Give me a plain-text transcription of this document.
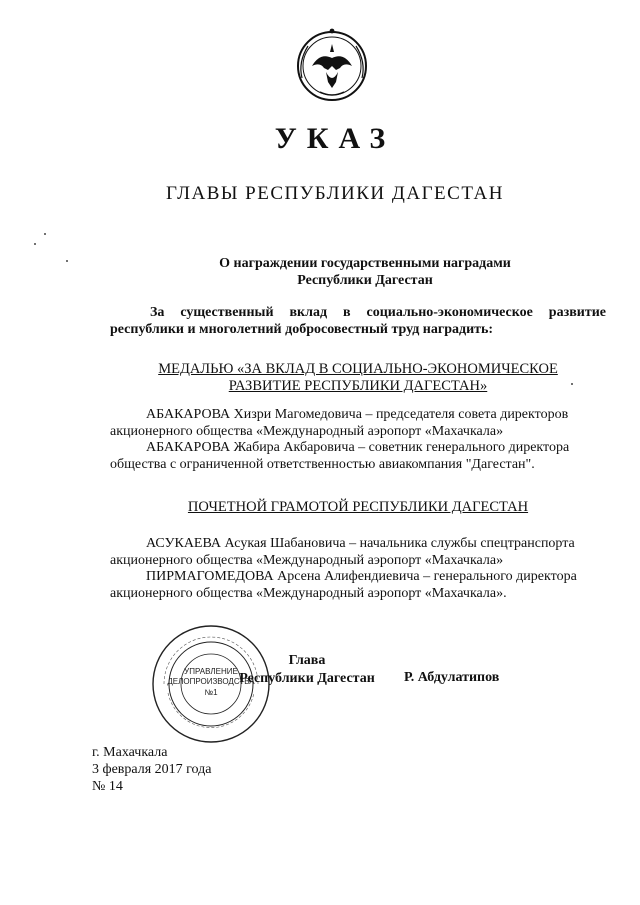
УКАЗ
ГЛАВЫ РЕСПУБЛИКИ ДАГЕСТАН
О награждении государственными наградами
Республики Дагестан
За существенный вклад в социально-экономическое развитие
республики и многолетний добросовестный труд наградить:
МЕДАЛЬЮ «ЗА ВКЛАД В СОЦИАЛЬНО-ЭКОНОМИЧЕСКОЕ
РАЗВИТИЕ РЕСПУБЛИКИ ДАГЕСТАН»
АБАКАРОВА Хизри Магомедовича – председателя совета директоров
акционерного общества «Международный аэропорт «Махачкала»
АБАКАРОВА Жабира Акбаровича – советник генерального директора
общества с ограниченной ответственностью авиакомпания "Дагестан".
ПОЧЕТНОЙ ГРАМОТОЙ РЕСПУБЛИКИ ДАГЕСТАН
АСУКАЕВА Асукая Шабановича – начальника службы спецтранспорта
акционерного общества «Международный аэропорт «Махачкала»
ПИРМАГОМЕДОВА Арсена Алифендиевича – генерального директора
акционерного общества «Международный аэропорт «Махачкала».
УПРАВЛЕНИЕ
ДЕЛОПРОИЗВОДСТВА
№1
Глава
Республики Дагестан	Р. Абдулатипов
г. Махачкала
3 февраля 2017 года
№ 14
